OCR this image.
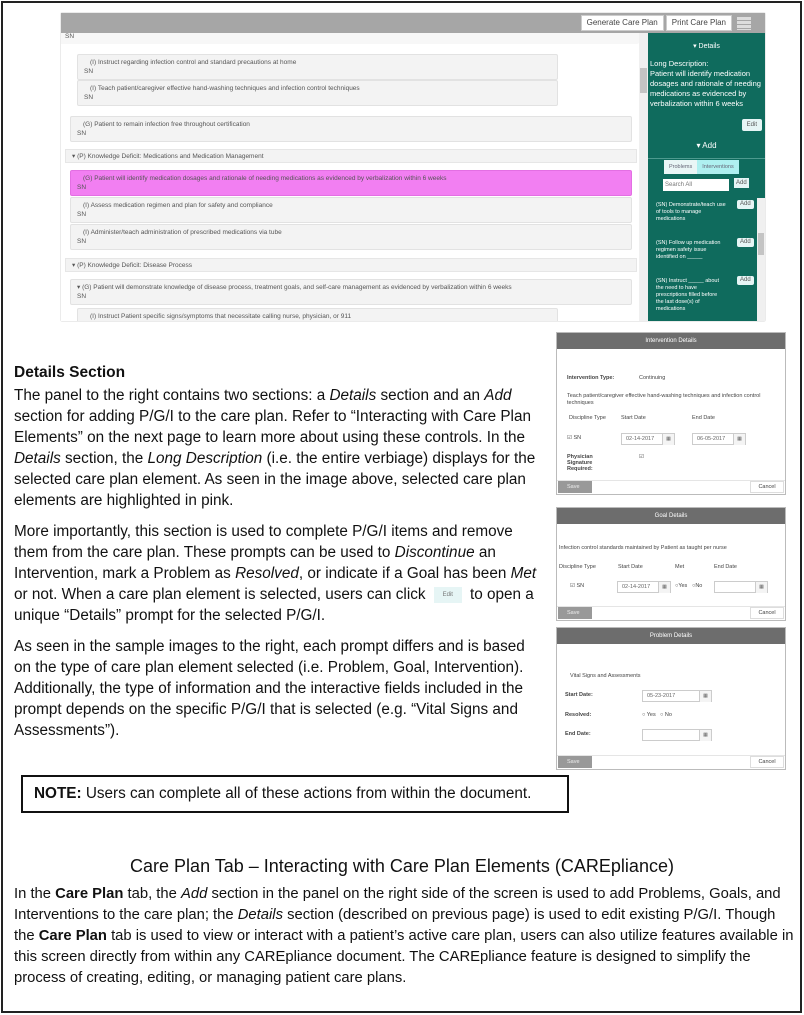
Generate Care Plan	Print Care Plan
SN
(I) Instruct regarding infection control and standard precautions at home
SN
(I) Teach patient/caregiver effective hand-washing techniques and infection control techniques
SN
(G) Patient to remain infection free throughout certification
SN
▾ (P) Knowledge Deficit: Medications and Medication Management
(G) Patient will identify medication dosages and rationale of needing medications as evidenced by verbalization within 6 weeks
SN
(I) Assess medication regimen and plan for safety and compliance
SN
(I) Administer/teach administration of prescribed medications via tube
SN
▾ (P) Knowledge Deficit: Disease Process
▾ (G) Patient will demonstrate knowledge of disease process, treatment goals, and self-care management as evidenced by verbalization within 6 weeks
SN
(I) Instruct Patient specific signs/symptoms that necessitate calling nurse, physician, or 911
▾ Details
Long Description:
Patient will identify medication dosages and rationale of needing medications as evidenced by verbalization within 6 weeks
Edit
▾ Add
Problems	Interventions
Search All	Add
(SN) Demonstrate/teach use of tools to manage medications
Add
(SN) Follow up medication regimen safety issue identified on _____
Add
(SN) Instruct _____ about the need to have prescriptions filled before the last dose(s) of medications
Add
Intervention Details
Intervention Type:	Continuing
Teach patient/caregiver effective hand-washing techniques and infection control techniques
Discipline Type	Start Date	End Date
☑ SN	02-14-2017	▦	06-05-2017	▦
Physician Signature Required:
☑
Save	Cancel
Goal Details
Infection control standards maintained by Patient as taught per nurse
Discipline Type	Start Date	Met	End Date
☑ SN	02-14-2017	▦	○Yes ○No	▦
Save	Cancel
Problem Details
Vital Signs and Assessments
Start Date:	05-23-2017	▦
Resolved:	○ Yes ○ No
End Date:	▦
Save	Cancel
Details Section

The panel to the right contains two sections: a Details section and an Add section for adding P/G/I to the care plan. Refer to “Interacting with Care Plan Elements” on the next page to learn more about using these controls. In the Details section, the Long Description (i.e. the entire verbiage) displays for the selected care plan element. As seen in the image above, selected care plan elements are highlighted in pink.

More importantly, this section is used to complete P/G/I items and remove them from the care plan. These prompts can be used to Discontinue an Intervention, mark a Problem as Resolved, or indicate if a Goal has been Met or not. When a care plan element is selected, users can click Edit to open a unique “Details” prompt for the selected P/G/I.

As seen in the sample images to the right, each prompt differs and is based on the type of care plan element selected (i.e. Problem, Goal, Intervention). Additionally, the type of information and the interactive fields included in the prompt depends on the specific P/G/I that is selected (e.g. “Vital Signs and Assessments”).

NOTE: Users can complete all of these actions from within the document.
Care Plan Tab – Interacting with Care Plan Elements (CAREpliance)
In the Care Plan tab, the Add section in the panel on the right side of the screen is used to add Problems, Goals, and Interventions to the care plan; the Details section (described on previous page) is used to edit existing P/G/I. Though the Care Plan tab is used to view or interact with a patient’s active care plan, users can also utilize features available in this screen directly from within any CAREpliance document. The CAREpliance feature is designed to simplify the process of creating, editing, or managing patient care plans.
